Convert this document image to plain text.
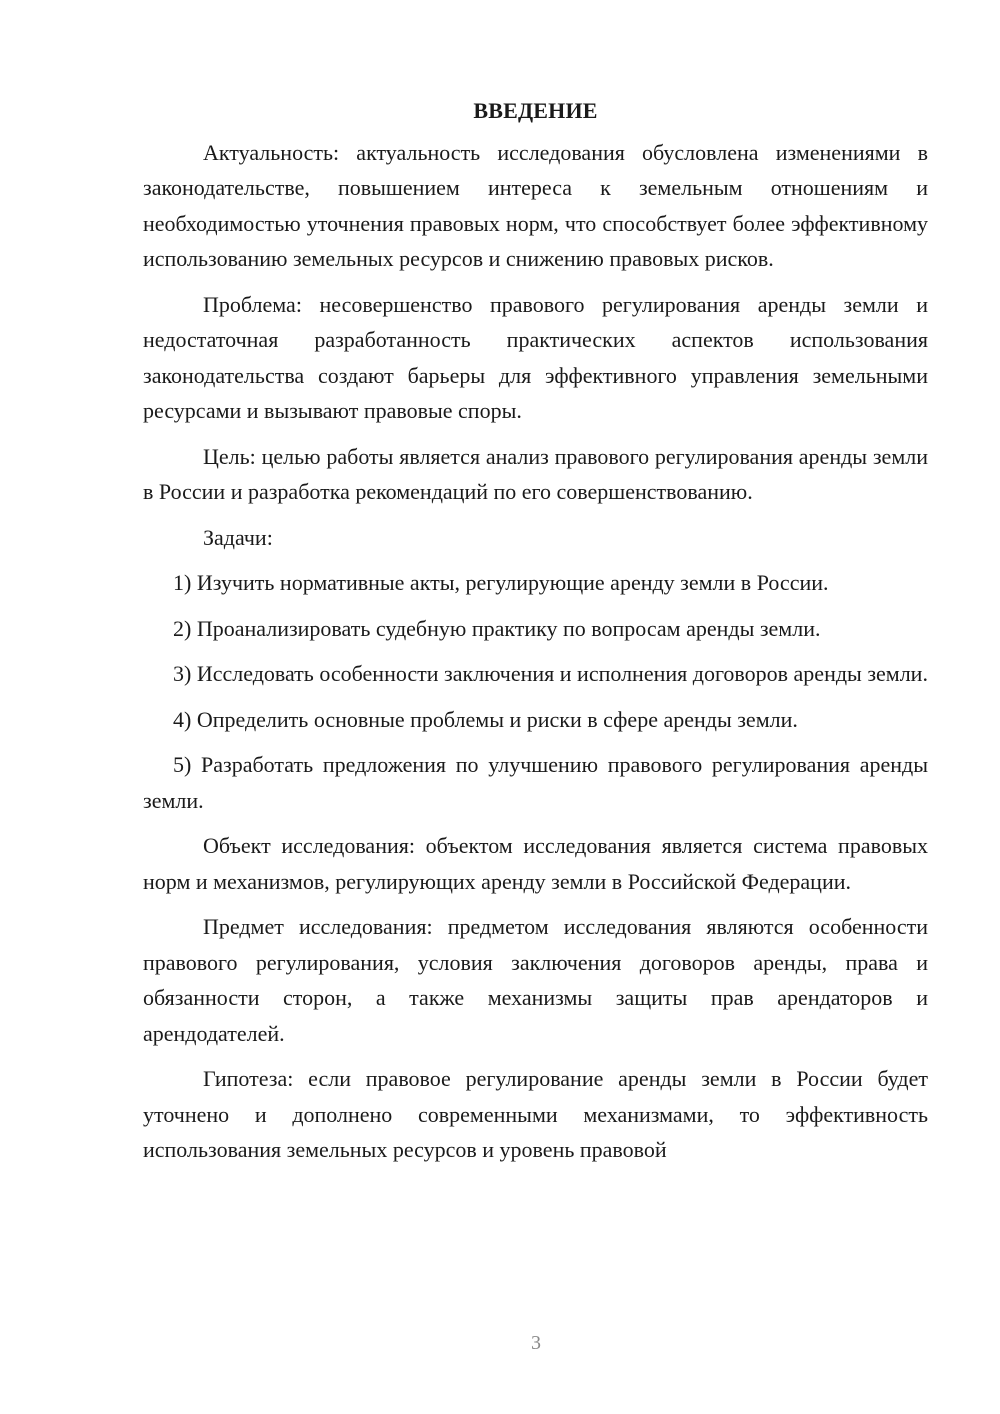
ВВЕДЕНИЕ

Актуальность: актуальность исследования обусловлена изменениями в законодательстве, повышением интереса к земельным отношениям и необходимостью уточнения правовых норм, что способствует более эффективному использованию земельных ресурсов и снижению правовых рисков.

Проблема: несовершенство правового регулирования аренды земли и недостаточная разработанность практических аспектов использования законодательства создают барьеры для эффективного управления земельными ресурсами и вызывают правовые споры.

Цель: целью работы является анализ правового регулирования аренды земли в России и разработка рекомендаций по его совершенствованию.

Задачи:

1) Изучить нормативные акты, регулирующие аренду земли в России.

2) Проанализировать судебную практику по вопросам аренды земли.

3) Исследовать особенности заключения и исполнения договоров аренды земли.

4) Определить основные проблемы и риски в сфере аренды земли.

5) Разработать предложения по улучшению правового регулирования аренды земли.

Объект исследования: объектом исследования является система правовых норм и механизмов, регулирующих аренду земли в Российской Федерации.

Предмет исследования: предметом исследования являются особенности правового регулирования, условия заключения договоров аренды, права и обязанности сторон, а также механизмы защиты прав арендаторов и арендодателей.

Гипотеза: если правовое регулирование аренды земли в России будет уточнено и дополнено современными механизмами, то эффективность использования земельных ресурсов и уровень правовой

3
